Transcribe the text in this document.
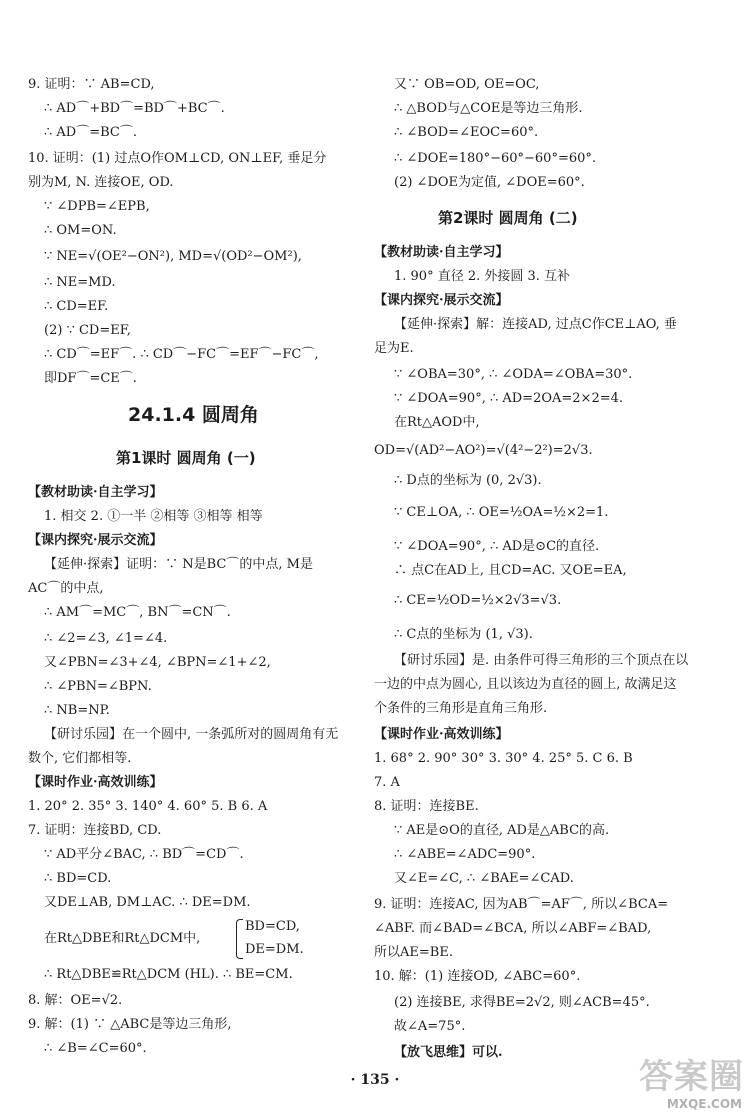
9. 证明：∵ AB=CD,
∴ AD⌒+BD⌒=BD⌒+BC⌒.
∴ AD⌒=BC⌒.
10. 证明：(1) 过点O作OM⊥CD, ON⊥EF, 垂足分
别为M, N. 连接OE, OD.
∵ ∠DPB=∠EPB,
∴ OM=ON.
∵ NE=√(OE²−ON²), MD=√(OD²−OM²),
∴ NE=MD.
∴ CD=EF.
(2) ∵ CD=EF,
∴ CD⌒=EF⌒. ∴ CD⌒−FC⌒=EF⌒−FC⌒,
即DF⌒=CE⌒.
24.1.4 圆周角
第1课时 圆周角 (一)
【教材助读·自主学习】
1. 相交 2. ①一半 ②相等 ③相等 相等
【课内探究·展示交流】
【延伸·探索】证明：∵ N是BC⌒的中点, M是
AC⌒的中点,
∴ AM⌒=MC⌒, BN⌒=CN⌒.
∴ ∠2=∠3, ∠1=∠4.
又∠PBN=∠3+∠4, ∠BPN=∠1+∠2,
∴ ∠PBN=∠BPN.
∴ NB=NP.
【研讨乐园】在一个圆中, 一条弧所对的圆周角有无
数个, 它们都相等.
【课时作业·高效训练】
1. 20° 2. 35° 3. 140° 4. 60° 5. B 6. A
7. 证明：连接BD, CD.
∵ AD平分∠BAC, ∴ BD⌒=CD⌒.
∴ BD=CD.
又DE⊥AB, DM⊥AC. ∴ DE=DM.
在Rt△DBE和Rt△DCM中,
BD=CD,
DE=DM.
∴ Rt△DBE≌Rt△DCM (HL). ∴ BE=CM.
8. 解：OE=√2.
9. 解：(1) ∵ △ABC是等边三角形,
∴ ∠B=∠C=60°.
又∵ OB=OD, OE=OC,
∴ △BOD与△COE是等边三角形.
∴ ∠BOD=∠EOC=60°.
∴ ∠DOE=180°−60°−60°=60°.
(2) ∠DOE为定值, ∠DOE=60°.
第2课时 圆周角 (二)
【教材助读·自主学习】
1. 90° 直径 2. 外接圆 3. 互补
【课内探究·展示交流】
【延伸·探索】解：连接AD, 过点C作CE⊥AO, 垂
足为E.
∵ ∠OBA=30°, ∴ ∠ODA=∠OBA=30°.
∵ ∠DOA=90°, ∴ AD=2OA=2×2=4.
在Rt△AOD中,
OD=√(AD²−AO²)=√(4²−2²)=2√3.
∴ D点的坐标为 (0, 2√3).
∵ CE⊥OA, ∴ OE=½OA=½×2=1.
∵ ∠DOA=90°, ∴ AD是⊙C的直径.
∴ 点C在AD上, 且CD=AC. 又OE=EA,
∴ CE=½OD=½×2√3=√3.
∴ C点的坐标为 (1, √3).
【研讨乐园】是. 由条件可得三角形的三个顶点在以
一边的中点为圆心, 且以该边为直径的圆上, 故满足这
个条件的三角形是直角三角形.
【课时作业·高效训练】
1. 68° 2. 90° 30° 3. 30° 4. 25° 5. C 6. B
7. A
8. 证明：连接BE.
∵ AE是⊙O的直径, AD是△ABC的高.
∴ ∠ABE=∠ADC=90°.
又∠E=∠C, ∴ ∠BAE=∠CAD.
9. 证明：连接AC, 因为AB⌒=AF⌒, 所以∠BCA=
∠ABF. 而∠BAD=∠BCA, 所以∠ABF=∠BAD,
所以AE=BE.
10. 解：(1) 连接OD, ∠ABC=60°.
(2) 连接BE, 求得BE=2√2, 则∠ACB=45°.
故∠A=75°.
【放飞思维】可以.
· 135 ·	答案圈
MXQE.COM
